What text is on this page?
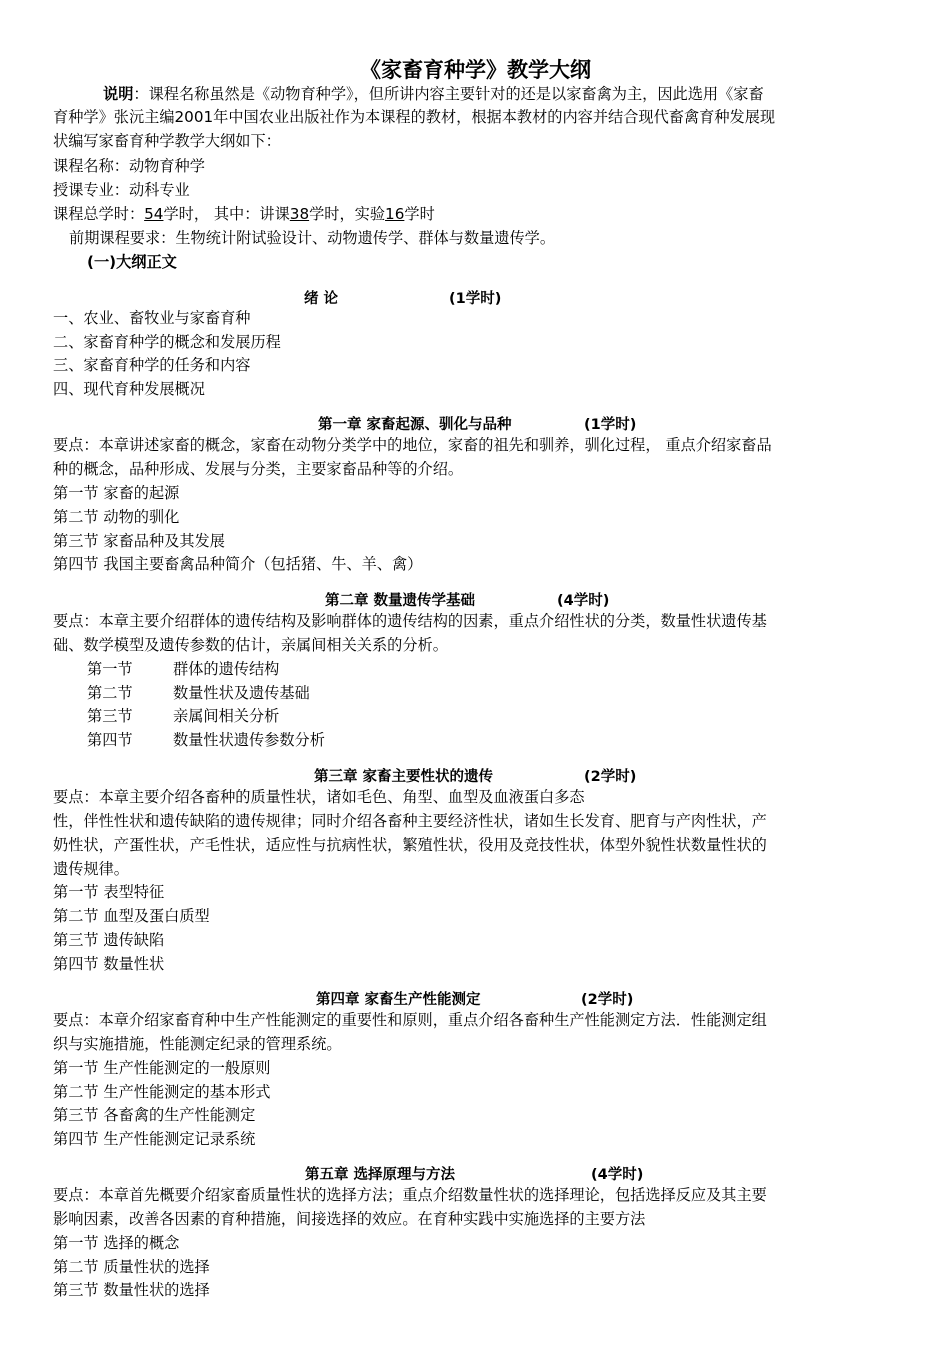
《家畜育种学》教学大纲
说明：课程名称虽然是《动物育种学》，但所讲内容主要针对的还是以家畜禽为主，因此选用《家畜
育种学》张沅主编2001年中国农业出版社作为本课程的教材，根据本教材的内容并结合现代畜禽育种发展现
状编写家畜育种学教学大纲如下：
课程名称：动物育种学
授课专业：动科专业
课程总学时：54学时， 其中：讲课38学时，实验16学时
前期课程要求：生物统计附试验设计、动物遗传学、群体与数量遗传学。
(一)大纲正文
绪 论	(1学时)
一、农业、畜牧业与家畜育种
二、家畜育种学的概念和发展历程
三、家畜育种学的任务和内容
四、现代育种发展概况
第一章 家畜起源、驯化与品种	(1学时)
要点：本章讲述家畜的概念，家畜在动物分类学中的地位，家畜的祖先和驯养，驯化过程， 重点介绍家畜品
种的概念，品种形成、发展与分类，主要家畜品种等的介绍。
第一节 家畜的起源
第二节 动物的驯化
第三节 家畜品种及其发展
第四节 我国主要畜禽品种简介（包括猪、牛、羊、禽）
第二章 数量遗传学基础	(4学时)
要点：本章主要介绍群体的遗传结构及影响群体的遗传结构的因素，重点介绍性状的分类，数量性状遗传基
础、数学模型及遗传参数的估计，亲属间相关关系的分析。
第一节	群体的遗传结构
第二节	数量性状及遗传基础
第三节	亲属间相关分析
第四节	数量性状遗传参数分析
第三章 家畜主要性状的遗传	(2学时)
要点：本章主要介绍各畜种的质量性状，诸如毛色、角型、血型及血液蛋白多态
性，伴性性状和遗传缺陷的遗传规律；同时介绍各畜种主要经济性状，诸如生长发育、肥育与产肉性状，产
奶性状，产蛋性状，产毛性状，适应性与抗病性状，繁殖性状，役用及竞技性状，体型外貌性状数量性状的
遗传规律。
第一节 表型特征
第二节 血型及蛋白质型
第三节 遗传缺陷
第四节 数量性状
第四章 家畜生产性能测定	(2学时)
要点：本章介绍家畜育种中生产性能测定的重要性和原则，重点介绍各畜种生产性能测定方法．性能测定组
织与实施措施，性能测定纪录的管理系统。
第一节 生产性能测定的一般原则
第二节 生产性能测定的基本形式
第三节 各畜禽的生产性能测定
第四节 生产性能测定记录系统
第五章 选择原理与方法	(4学时)
要点：本章首先概要介绍家畜质量性状的选择方法；重点介绍数量性状的选择理论，包括选择反应及其主要
影响因素，改善各因素的育种措施，间接选择的效应。在育种实践中实施选择的主要方法
第一节 选择的概念
第二节 质量性状的选择
第三节 数量性状的选择
